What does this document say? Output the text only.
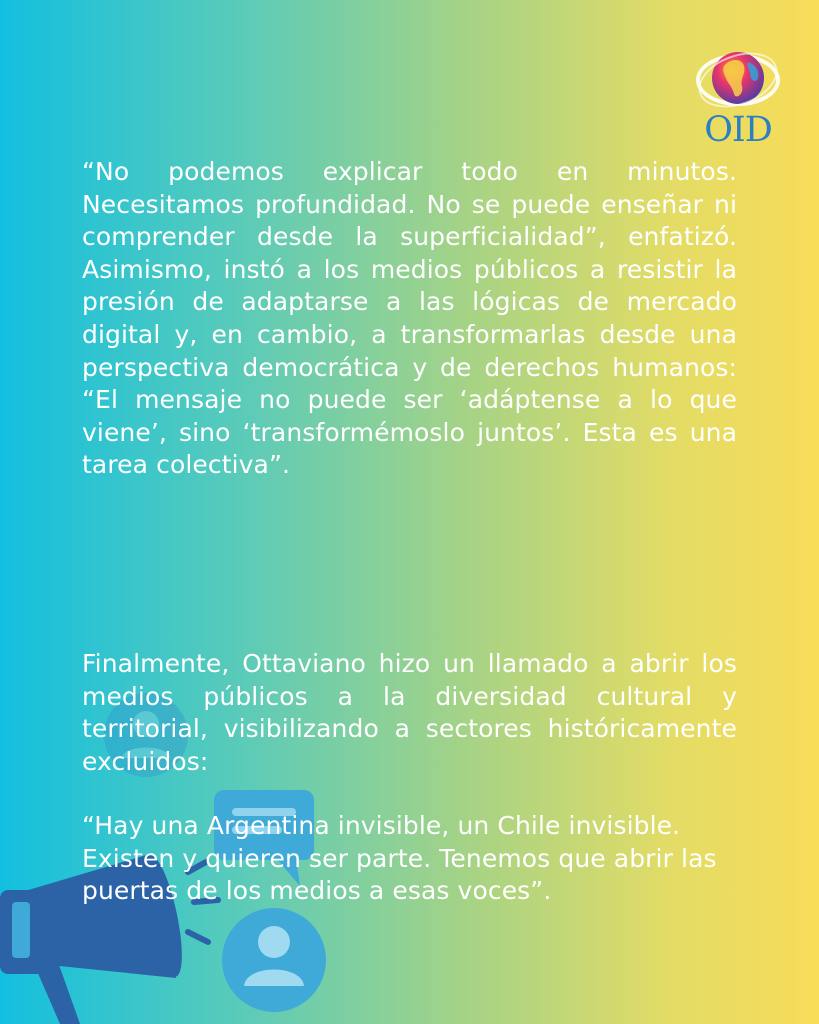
OID

“No podemos explicar todo en minutos. Necesitamos profundidad. No se puede enseñar ni comprender desde la superficialidad”, enfatizó. Asimismo, instó a los medios públicos a resistir la presión de adaptarse a las lógicas de mercado digital y, en cambio, a transformarlas desde una perspectiva democrática y de derechos humanos: “El mensaje no puede ser ‘adáptense a lo que viene’, sino ‘transformémoslo juntos’. Esta es una tarea colectiva”.

Finalmente, Ottaviano hizo un llamado a abrir los medios públicos a la diversidad cultural y territorial, visibilizando a sectores históricamente excluidos:

“Hay una Argentina invisible, un Chile invisible. Existen y quieren ser parte. Tenemos que abrir las puertas de los medios a esas voces”.
